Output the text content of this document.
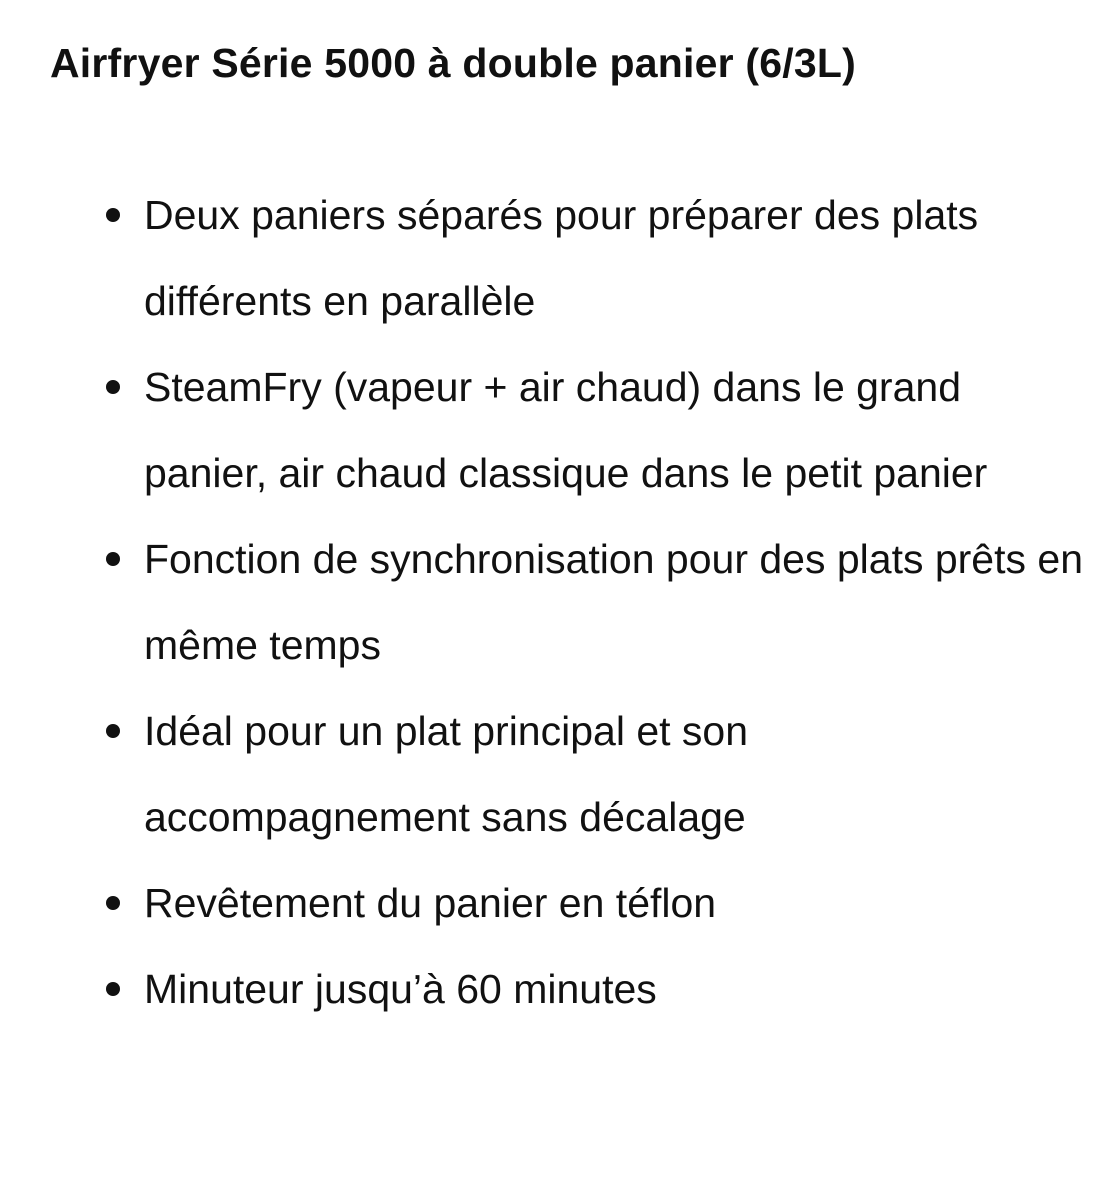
Airfryer Série 5000 à double panier (6/3L)
Deux paniers séparés pour préparer des plats différents en parallèle
SteamFry (vapeur + air chaud) dans le grand panier, air chaud classique dans le petit panier
Fonction de synchronisation pour des plats prêts en même temps
Idéal pour un plat principal et son accompagnement sans décalage
Revêtement du panier en téflon
Minuteur jusqu’à 60 minutes
